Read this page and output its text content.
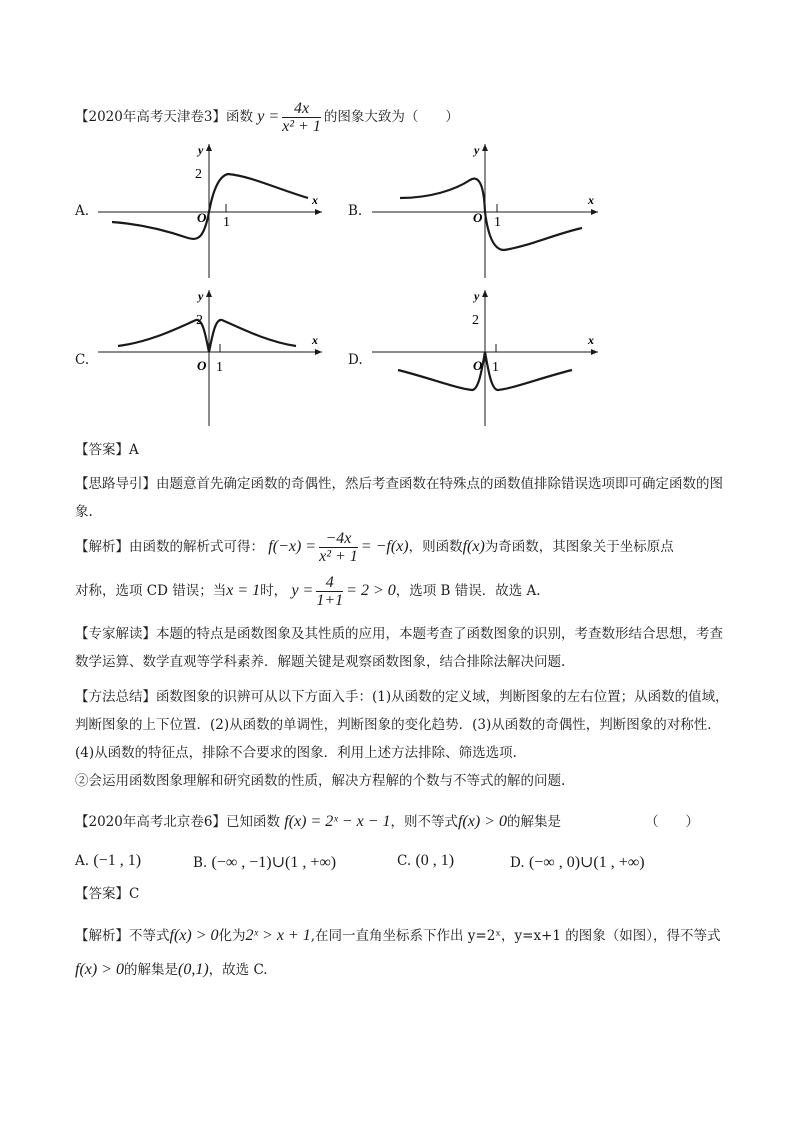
【2020年高考天津卷3】函数 $y = \frac{4x}{\text{x² + 1}}$ 的图象大致为（　　）
A.	B.
C.	D.
y
x
O 1
2
y
x
O 1
y
x
O 1
2
y
x
O 1
2
【答案】A
【思路导引】由题意首先确定函数的奇偶性，然后考查函数在特殊点的函数值排除错误选项即可确定函数的图象.
【解析】由函数的解析式可得： $f(-x) = \frac{-4x}{\text{x² + 1}} = -f(x)$，则函数f(x)为奇函数，其图象关于坐标原点
对称，选项 CD 错误；当x = 1时， $y = \frac{4}{1+1} = 2 > 0$，选项 B 错误．故选 A.
【专家解读】本题的特点是函数图象及其性质的应用，本题考查了函数图象的识别，考查数形结合思想，考查数学运算、数学直观等学科素养．解题关键是观察函数图象，结合排除法解决问题.
【方法总结】函数图象的识辨可从以下方面入手：(1)从函数的定义域，判断图象的左右位置；从函数的值域，判断图象的上下位置．(2)从函数的单调性，判断图象的变化趋势．(3)从函数的奇偶性，判断图象的对称性．(4)从函数的特征点，排除不合要求的图象．利用上述方法排除、筛选选项.
②会运用函数图象理解和研究函数的性质，解决方程解的个数与不等式的解的问题.
【2020年高考北京卷6】已知函数 f(x) = 2ˣ − x − 1，则不等式f(x) > 0的解集是	（　　）
A. (−1 , 1)	B. (−∞ , −1)∪(1 , +∞)	C. (0 , 1)	D. (−∞ , 0)∪(1 , +∞)
【答案】C
【解析】不等式f(x) > 0化为2ˣ > x + 1,在同一直角坐标系下作出 y=2ˣ，y=x+1 的图象（如图），得不等式
f(x) > 0的解集是(0,1)，故选 C.
